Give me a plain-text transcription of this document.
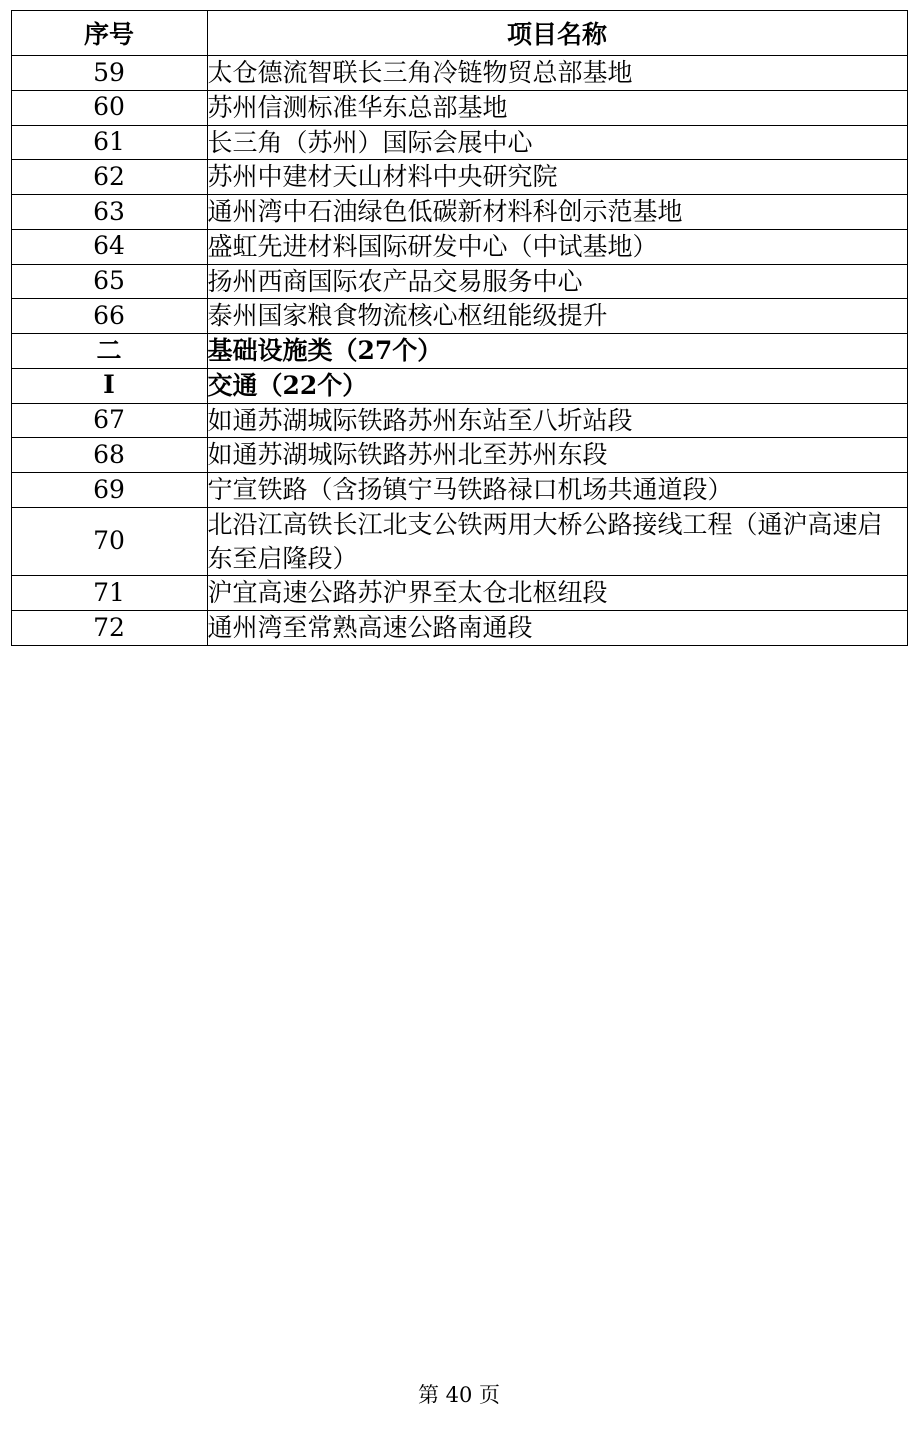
序号	项目名称
59	太仓德流智联长三角冷链物贸总部基地
60	苏州信测标准华东总部基地
61	长三角（苏州）国际会展中心
62	苏州中建材天山材料中央研究院
63	通州湾中石油绿色低碳新材料科创示范基地
64	盛虹先进材料国际研发中心（中试基地）
65	扬州西商国际农产品交易服务中心
66	泰州国家粮食物流核心枢纽能级提升
二	基础设施类（27个）
I	交通（22个）
67	如通苏湖城际铁路苏州东站至八圻站段
68	如通苏湖城际铁路苏州北至苏州东段
69	宁宣铁路（含扬镇宁马铁路禄口机场共通道段）
70	北沿江高铁长江北支公铁两用大桥公路接线工程（通沪高速启东至启隆段）
71	沪宜高速公路苏沪界至太仓北枢纽段
72	通州湾至常熟高速公路南通段
第 40 页
